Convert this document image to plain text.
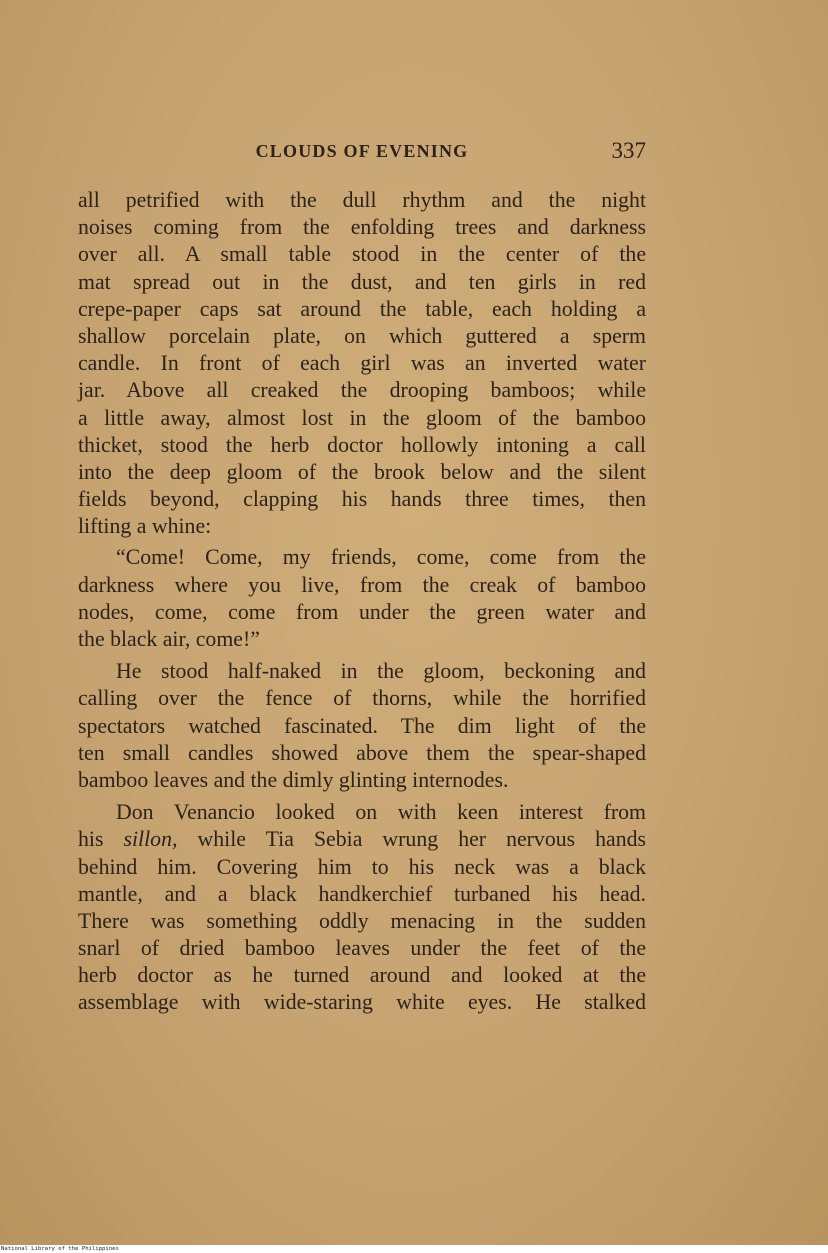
CLOUDS OF EVENING	337
all petrified with the dull rhythm and the night
noises coming from the enfolding trees and darkness
over all. A small table stood in the center of the
mat spread out in the dust, and ten girls in red
crepe-paper caps sat around the table, each holding a
shallow porcelain plate, on which guttered a sperm
candle. In front of each girl was an inverted water
jar. Above all creaked the drooping bamboos; while
a little away, almost lost in the gloom of the bamboo
thicket, stood the herb doctor hollowly intoning a call
into the deep gloom of the brook below and the silent
fields beyond, clapping his hands three times, then
lifting a whine:
“Come! Come, my friends, come, come from the
darkness where you live, from the creak of bamboo
nodes, come, come from under the green water and
the black air, come!”
He stood half-naked in the gloom, beckoning and
calling over the fence of thorns, while the horrified
spectators watched fascinated. The dim light of the
ten small candles showed above them the spear-shaped
bamboo leaves and the dimly glinting internodes.
Don Venancio looked on with keen interest from
his sillon, while Tia Sebia wrung her nervous hands
behind him. Covering him to his neck was a black
mantle, and a black handkerchief turbaned his head.
There was something oddly menacing in the sudden
snarl of dried bamboo leaves under the feet of the
herb doctor as he turned around and looked at the
assemblage with wide-staring white eyes. He stalked
National Library of the Philippines
